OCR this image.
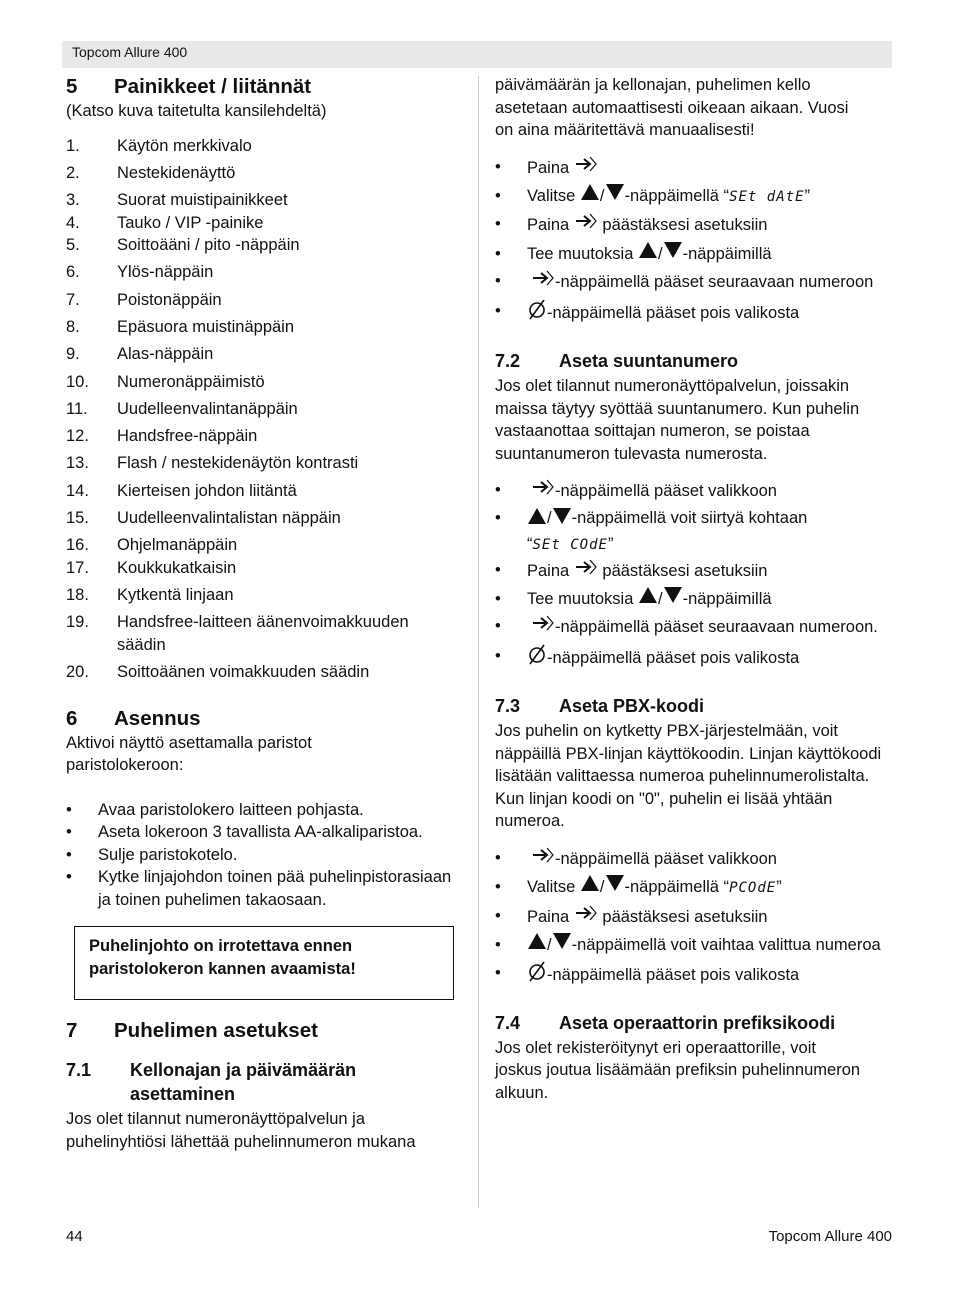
Topcom Allure 400
5	Painikkeet / liitännät

(Katso kuva taitetulta kansilehdeltä)

1.	Käytön merkkivalo
2.	Nestekidenäyttö
3.	Suorat muistipainikkeet
4.	Tauko / VIP -painike
5.	Soittoääni / pito -näppäin
6.	Ylös-näppäin
7.	Poistonäppäin
8.	Epäsuora muistinäppäin
9.	Alas-näppäin
10.	Numeronäppäimistö
11.	Uudelleenvalintanäppäin
12.	Handsfree-näppäin
13.	Flash / nestekidenäytön kontrasti
14.	Kierteisen johdon liitäntä
15.	Uudelleenvalintalistan näppäin
16.	Ohjelmanäppäin
17.	Koukkukatkaisin
18.	Kytkentä linjaan
19.	Handsfree-laitteen äänenvoimakkuuden säädin
20.	Soittoäänen voimakkuuden säädin
6	Asennus

Aktivoi näyttö asettamalla paristot paristolokeroon:

•	Avaa paristolokero laitteen pohjasta.
•	Aseta lokeroon 3 tavallista AA-alkaliparistoa.
•	Sulje paristokotelo.
•	Kytke linjajohdon toinen pää puhelinpistorasiaan ja toinen puhelimen takaosaan.
Puhelinjohto on irrotettava ennen paristolokeron kannen avaamista!
7	Puhelimen asetukset
7.1	Kellonajan ja päivämäärän asettaminen

Jos olet tilannut numeronäyttöpalvelun ja puhelinyhtiösi lähettää puhelinnumeron mukana

päivämäärän ja kellonajan, puhelimen kello asetetaan automaattisesti oikeaan aikaan. Vuosi on aina määritettävä manuaalisesti!

•	Paina
•	Valitse / -näppäimellä “SEt dAtE”
•	Paina päästäksesi asetuksiin
•	Tee muutoksia / -näppäimillä
•	-näppäimellä pääset seuraavaan numeroon
•	-näppäimellä pääset pois valikosta
7.2	Aseta suuntanumero

Jos olet tilannut numeronäyttöpalvelun, joissakin maissa täytyy syöttää suuntanumero. Kun puhelin vastaanottaa soittajan numeron, se poistaa suuntanumeron tulevasta numerosta.

•	-näppäimellä pääset valikkoon
•	/ -näppäimellä voit siirtyä kohtaan
“SEt COdE”
•	Paina päästäksesi asetuksiin
•	Tee muutoksia / -näppäimillä
•	-näppäimellä pääset seuraavaan numeroon.
•	-näppäimellä pääset pois valikosta
7.3	Aseta PBX-koodi

Jos puhelin on kytketty PBX-järjestelmään, voit näppäillä PBX-linjan käyttökoodin. Linjan käyttökoodi lisätään valittaessa numeroa puhelinnumerolistalta. Kun linjan koodi on "0", puhelin ei lisää yhtään numeroa.

•	-näppäimellä pääset valikkoon
•	Valitse / -näppäimellä “PCOdE”
•	Paina päästäksesi asetuksiin
•	/ -näppäimellä voit vaihtaa valittua numeroa
•	-näppäimellä pääset pois valikosta
7.4	Aseta operaattorin prefiksikoodi

Jos olet rekisteröitynyt eri operaattorille, voit joskus joutua lisäämään prefiksin puhelinnumeron alkuun.

44	Topcom Allure 400
